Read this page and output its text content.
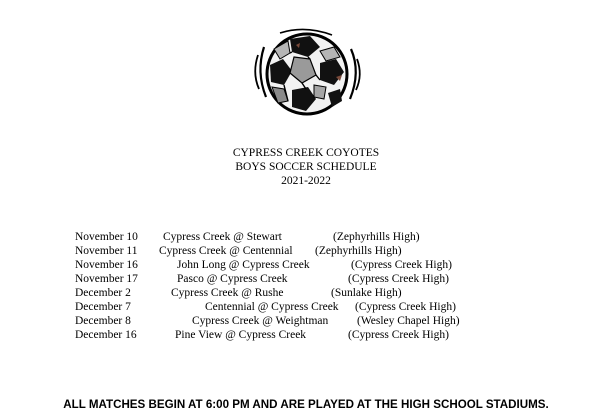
CYPRESS CREEK COYOTES
BOYS SOCCER SCHEDULE
2021-2022
November 10 Cypress Creek @ Stewart	(Zephyrhills High)
November 11 Cypress Creek @ Centennial (Zephyrhills High)
November 16	John Long @ Cypress Creek	(Cypress Creek High)
November 17	Pasco @ Cypress Creek	(Cypress Creek High)
December 2	Cypress Creek @ Rushe	(Sunlake High)
December 7	Centennial @ Cypress Creek (Cypress Creek High)
December 8	Cypress Creek @ Weightman	(Wesley Chapel High)
December 16	Pine View @ Cypress Creek	(Cypress Creek High)
ALL MATCHES BEGIN AT 6:00 PM AND ARE PLAYED AT THE HIGH SCHOOL STADIUMS.
